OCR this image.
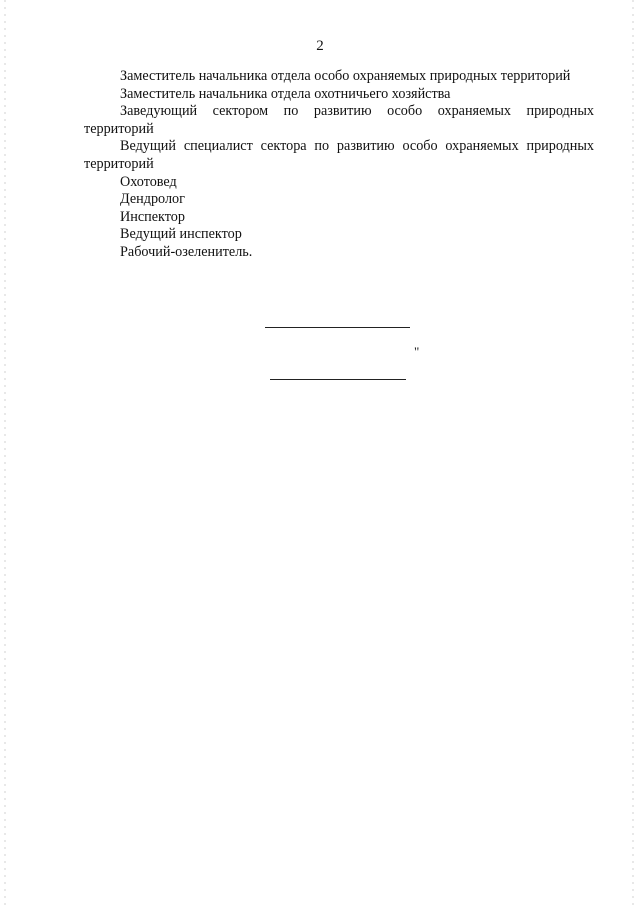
2

Заместитель начальника отдела особо охраняемых природных территорий

Заместитель начальника отдела охотничьего хозяйства

Заведующий сектором по развитию особо охраняемых природных территорий

Ведущий специалист сектора по развитию особо охраняемых природных территорий

Охотовед

Дендролог

Инспектор

Ведущий инспектор

Рабочий-озеленитель.

"
